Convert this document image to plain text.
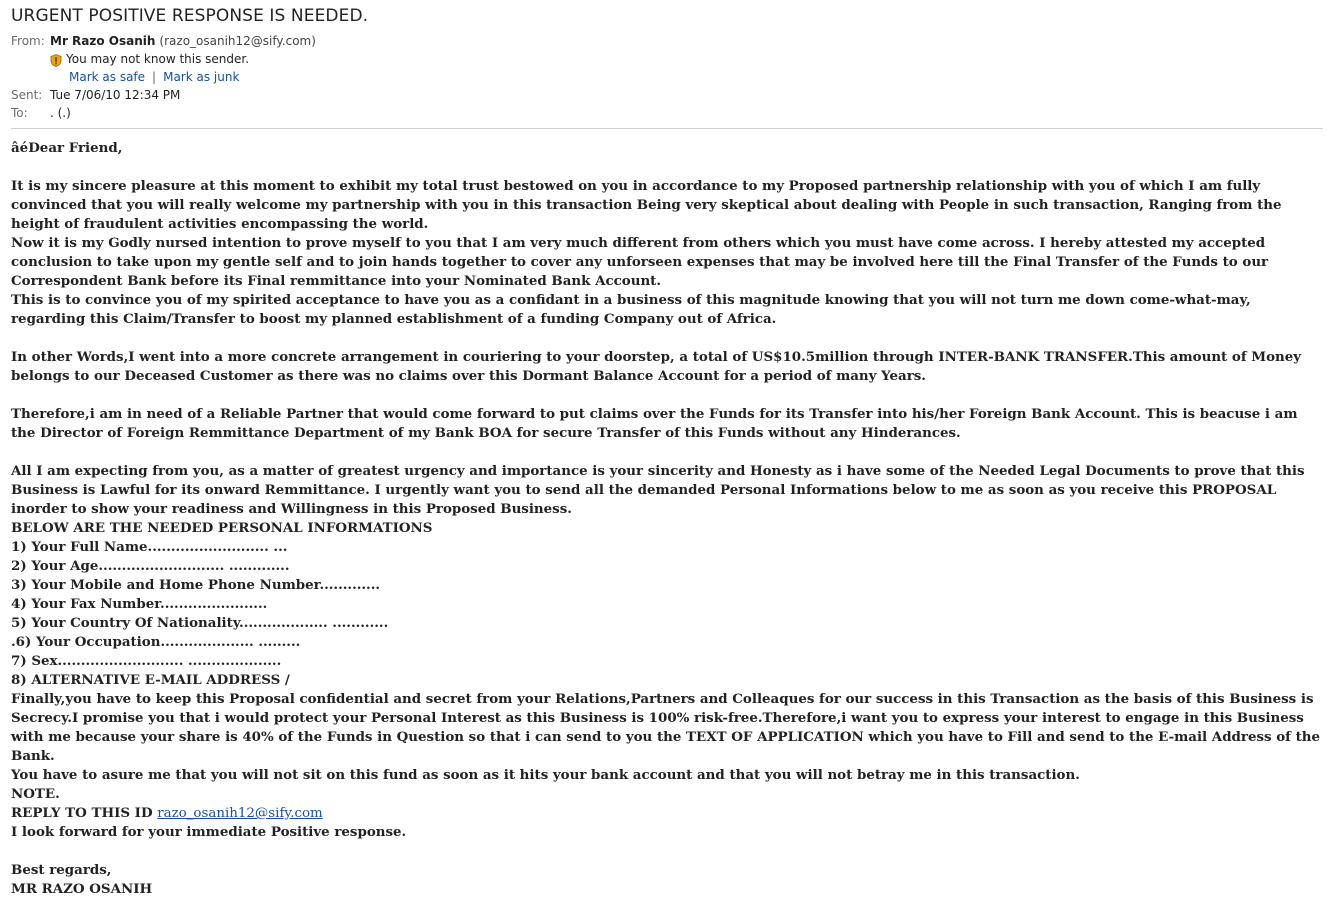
URGENT POSITIVE RESPONSE IS NEEDED.
From: Mr Razo Osanih (razo_osanih12@sify.com)
You may not know this sender.
Mark as safe | Mark as junk
Sent: Tue 7/06/10 12:34 PM
To:	. (.)

âéDear Friend,

It is my sincere pleasure at this moment to exhibit my total trust bestowed on you in accordance to my Proposed partnership relationship with you of which I am fully convinced that you will really welcome my partnership with you in this transaction Being very skeptical about dealing with People in such transaction, Ranging from the height of fraudulent activities encompassing the world.

Now it is my Godly nursed intention to prove myself to you that I am very much different from others which you must have come across. I hereby attested my accepted conclusion to take upon my gentle self and to join hands together to cover any unforseen expenses that may be involved here till the Final Transfer of the Funds to our Correspondent Bank before its Final remmittance into your Nominated Bank Account.

This is to convince you of my spirited acceptance to have you as a confidant in a business of this magnitude knowing that you will not turn me down come-what-may, regarding this Claim/Transfer to boost my planned establishment of a funding Company out of Africa.

In other Words,I went into a more concrete arrangement in couriering to your doorstep, a total of US$10.5million through INTER-BANK TRANSFER.This amount of Money belongs to our Deceased Customer as there was no claims over this Dormant Balance Account for a period of many Years.

Therefore,i am in need of a Reliable Partner that would come forward to put claims over the Funds for its Transfer into his/her Foreign Bank Account. This is beacuse i am the Director of Foreign Remmittance Department of my Bank BOA for secure Transfer of this Funds without any Hinderances.

All I am expecting from you, as a matter of greatest urgency and importance is your sincerity and Honesty as i have some of the Needed Legal Documents to prove that this Business is Lawful for its onward Remmittance. I urgently want you to send all the demanded Personal Informations below to me as soon as you receive this PROPOSAL inorder to show your readiness and Willingness in this Proposed Business.

BELOW ARE THE NEEDED PERSONAL INFORMATIONS

1) Your Full Name.......................... ...

2) Your Age........................... .............

3) Your Mobile and Home Phone Number.............

4) Your Fax Number.......................

5) Your Country Of Nationality................... ............

.6) Your Occupation.................... .........

7) Sex........................... ....................

8) ALTERNATIVE E-MAIL ADDRESS /

Finally,you have to keep this Proposal confidential and secret from your Relations,Partners and Colleaques for our success in this Transaction as the basis of this Business is Secrecy.I promise you that i would protect your Personal Interest as this Business is 100% risk-free.Therefore,i want you to express your interest to engage in this Business with me because your share is 40% of the Funds in Question so that i can send to you the TEXT OF APPLICATION which you have to Fill and send to the E-mail Address of the Bank.

You have to asure me that you will not sit on this fund as soon as it hits your bank account and that you will not betray me in this transaction.

NOTE.

REPLY TO THIS ID razo_osanih12@sify.com

I look forward for your immediate Positive response.

Best regards,

MR RAZO OSANIH
